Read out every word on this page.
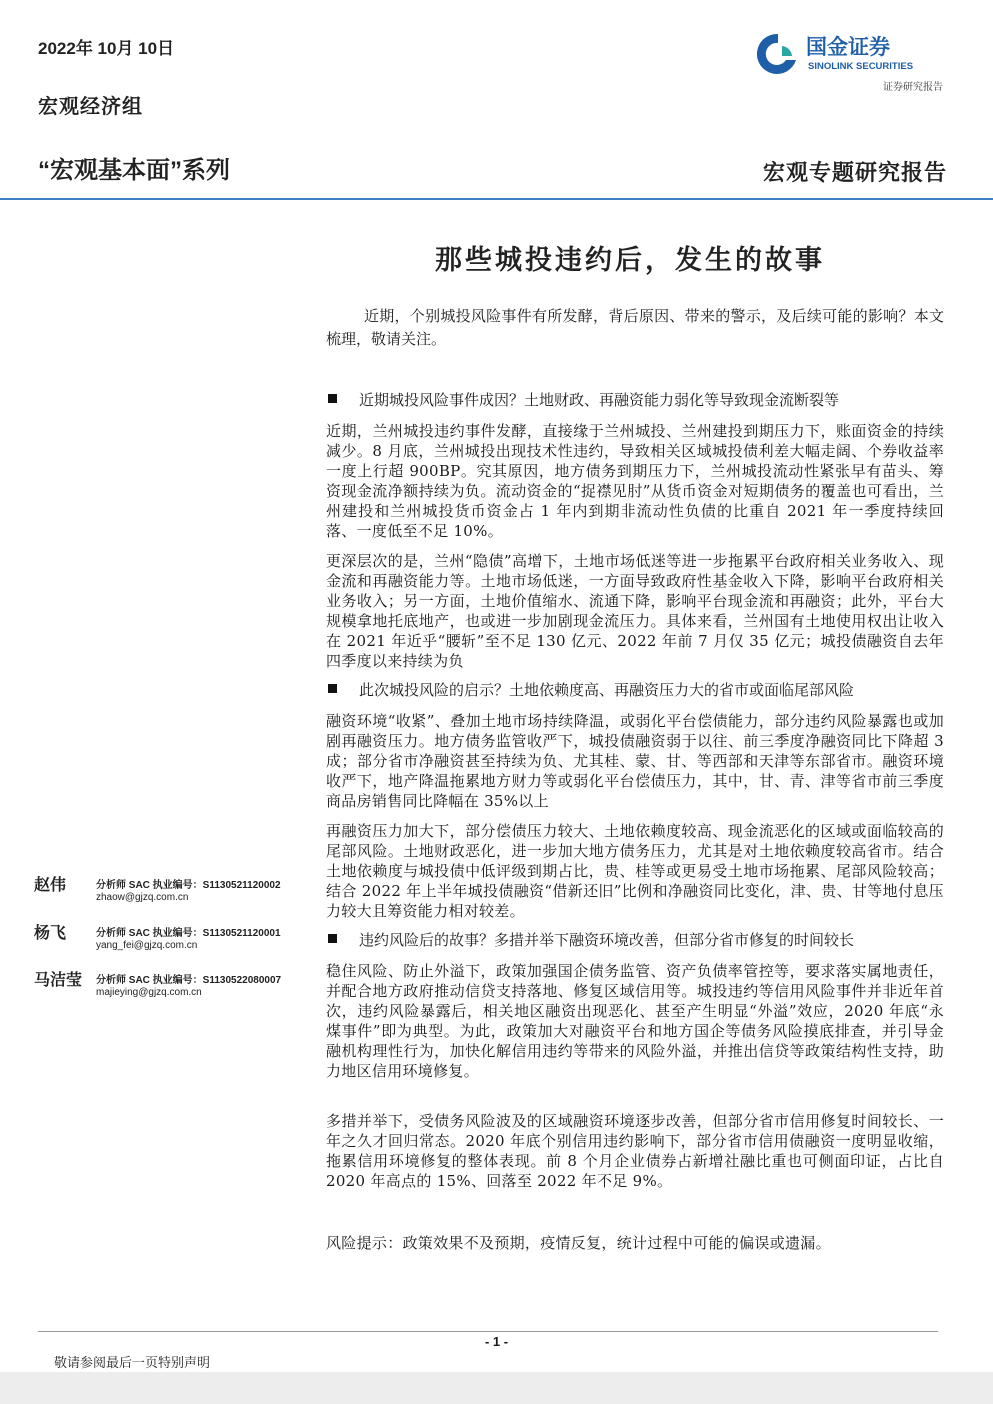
2022年 10月 10日
宏观经济组
“宏观基本面”系列	宏观专题研究报告
国金证券
SINOLINK SECURITIES
证券研究报告
那些城投违约后，发生的故事
近期，个别城投风险事件有所发酵，背后原因、带来的警示，及后续可能的影响？本文梳理，敬请关注。
近期城投风险事件成因？土地财政、再融资能力弱化等导致现金流断裂等
近期，兰州城投违约事件发酵，直接缘于兰州城投、兰州建投到期压力下，账面资金的持续减少。8 月底，兰州城投出现技术性违约，导致相关区域城投债利差大幅走阔、个券收益率一度上行超 900BP。究其原因，地方债务到期压力下，兰州城投流动性紧张早有苗头、筹资现金流净额持续为负。流动资金的“捉襟见肘”从货币资金对短期债务的覆盖也可看出，兰州建投和兰州城投货币资金占 1 年内到期非流动性负债的比重自 2021 年一季度持续回落、一度低至不足 10%。
更深层次的是，兰州“隐债”高增下，土地市场低迷等进一步拖累平台政府相关业务收入、现金流和再融资能力等。土地市场低迷，一方面导致政府性基金收入下降，影响平台政府相关业务收入；另一方面，土地价值缩水、流通下降，影响平台现金流和再融资；此外，平台大规模拿地托底地产，也或进一步加剧现金流压力。具体来看，兰州国有土地使用权出让收入在 2021 年近乎“腰斩”至不足 130 亿元、2022 年前 7 月仅 35 亿元；城投债融资自去年四季度以来持续为负
此次城投风险的启示？土地依赖度高、再融资压力大的省市或面临尾部风险
融资环境“收紧”、叠加土地市场持续降温，或弱化平台偿债能力，部分违约风险暴露也或加剧再融资压力。地方债务监管收严下，城投债融资弱于以往、前三季度净融资同比下降超 3 成；部分省市净融资甚至持续为负、尤其桂、蒙、甘、等西部和天津等东部省市。融资环境收严下，地产降温拖累地方财力等或弱化平台偿债压力，其中，甘、青、津等省市前三季度商品房销售同比降幅在 35%以上
再融资压力加大下，部分偿债压力较大、土地依赖度较高、现金流恶化的区域或面临较高的尾部风险。土地财政恶化，进一步加大地方债务压力，尤其是对土地依赖度较高省市。结合土地依赖度与城投债中低评级到期占比，贵、桂等或更易受土地市场拖累、尾部风险较高；结合 2022 年上半年城投债融资“借新还旧”比例和净融资同比变化，津、贵、甘等地付息压力较大且筹资能力相对较差。
违约风险后的故事？多措并举下融资环境改善，但部分省市修复的时间较长
稳住风险、防止外溢下，政策加强国企债务监管、资产负债率管控等，要求落实属地责任，并配合地方政府推动信贷支持落地、修复区域信用等。城投违约等信用风险事件并非近年首次，违约风险暴露后，相关地区融资出现恶化、甚至产生明显“外溢”效应，2020 年底“永煤事件”即为典型。为此，政策加大对融资平台和地方国企等债务风险摸底排查，并引导金融机构理性行为，加快化解信用违约等带来的风险外溢，并推出信贷等政策结构性支持，助力地区信用环境修复。
多措并举下，受债务风险波及的区域融资环境逐步改善，但部分省市信用修复时间较长、一年之久才回归常态。2020 年底个别信用违约影响下，部分省市信用债融资一度明显收缩，拖累信用环境修复的整体表现。前 8 个月企业债券占新增社融比重也可侧面印证，占比自 2020 年高点的 15%、回落至 2022 年不足 9%。
风险提示：政策效果不及预期，疫情反复，统计过程中可能的偏误或遗漏。
赵伟	分析师 SAC 执业编号：S1130521120002
zhaow@gjzq.com.cn
杨飞	分析师 SAC 执业编号：S1130521120001
yang_fei@gjzq.com.cn
马洁莹 分析师 SAC 执业编号：S1130522080007
majieying@gjzq.com.cn
- 1 -
敬请参阅最后一页特别声明
